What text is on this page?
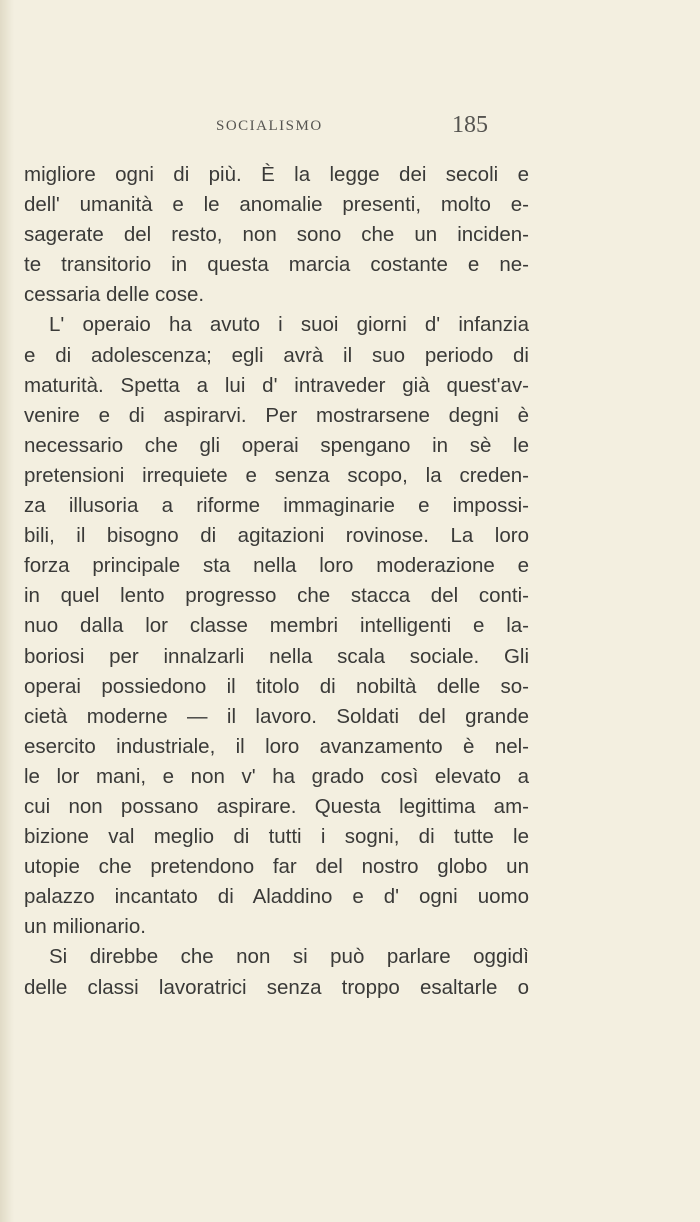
SOCIALISMO	185
migliore ogni di più. È la legge dei secoli e
dell' umanità e le anomalie presenti, molto e-
sagerate del resto, non sono che un inciden-
te transitorio in questa marcia costante e ne-
cessaria delle cose.
L' operaio ha avuto i suoi giorni d' infanzia
e di adolescenza; egli avrà il suo periodo di
maturità. Spetta a lui d' intraveder già quest'av-
venire e di aspirarvi. Per mostrarsene degni è
necessario che gli operai spengano in sè le
pretensioni irrequiete e senza scopo, la creden-
za illusoria a riforme immaginarie e impossi-
bili, il bisogno di agitazioni rovinose. La loro
forza principale sta nella loro moderazione e
in quel lento progresso che stacca del conti-
nuo dalla lor classe membri intelligenti e la-
boriosi per innalzarli nella scala sociale. Gli
operai possiedono il titolo di nobiltà delle so-
cietà moderne — il lavoro. Soldati del grande
esercito industriale, il loro avanzamento è nel-
le lor mani, e non v' ha grado così elevato a
cui non possano aspirare. Questa legittima am-
bizione val meglio di tutti i sogni, di tutte le
utopie che pretendono far del nostro globo un
palazzo incantato di Aladdino e d' ogni uomo
un milionario.
Si direbbe che non si può parlare oggidì
delle classi lavoratrici senza troppo esaltarle o
